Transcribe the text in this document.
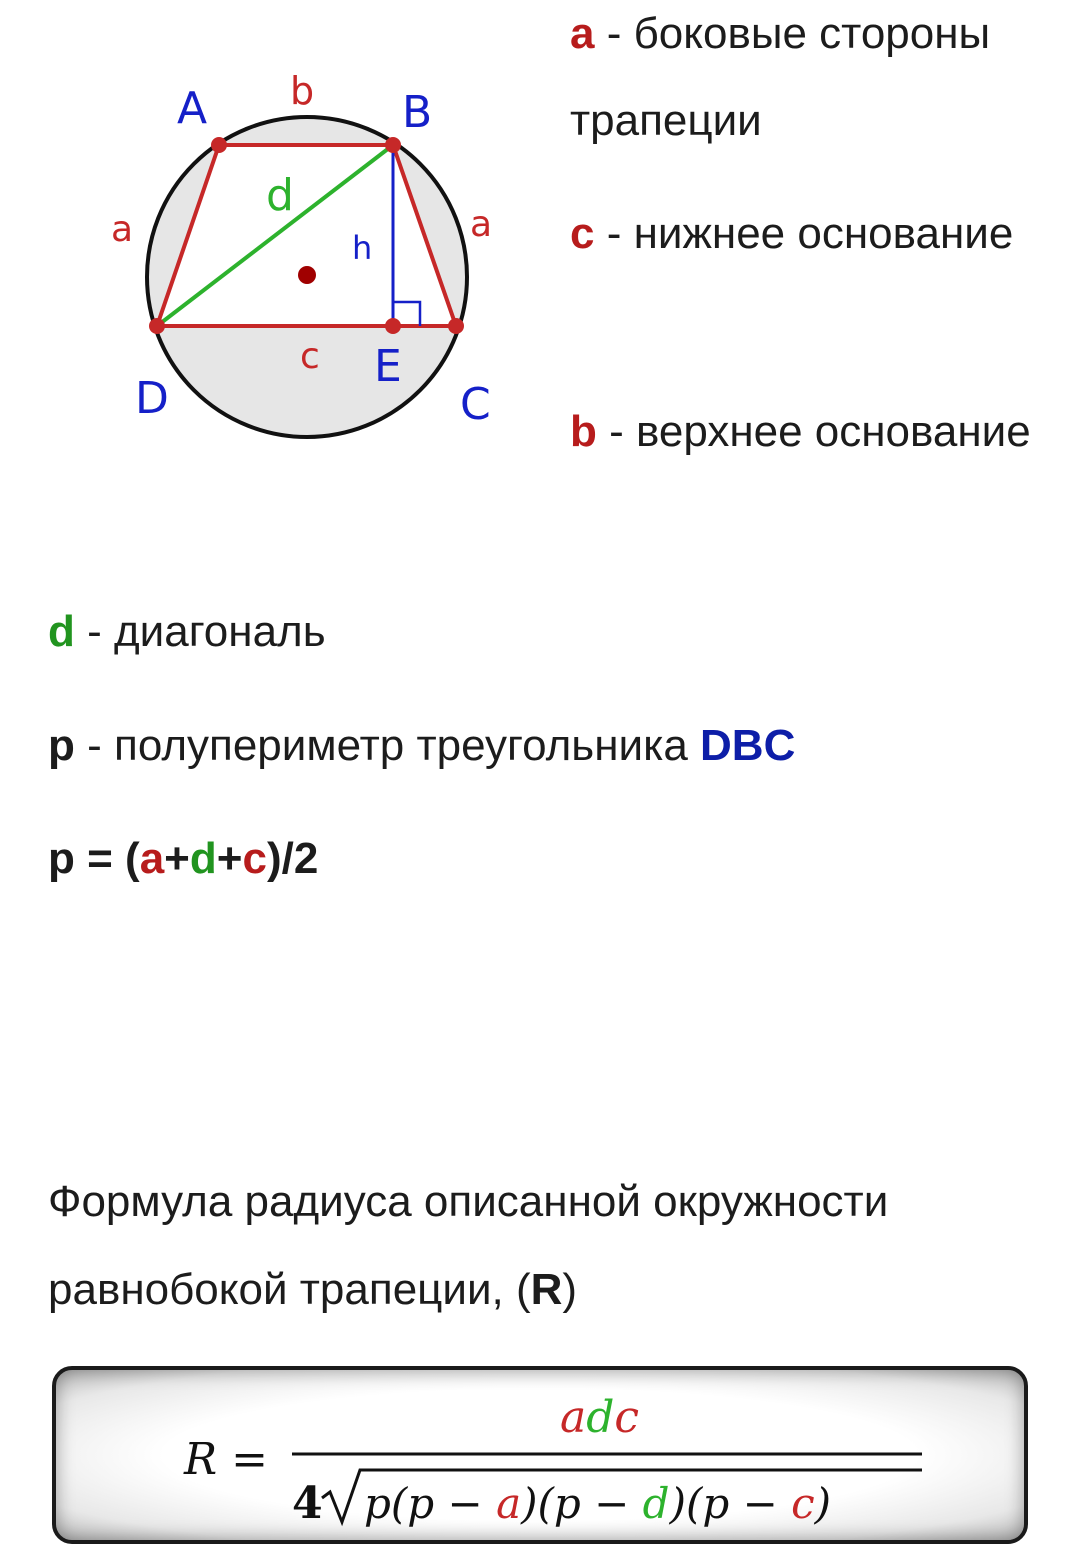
A	B
C
D
E
a	a
b
c
d
h
a - боковые стороны трапеции
c - нижнее основание
b - верхнее основание
d - диагональ
p - полупериметр треугольника DBC
p = (a+d+c)/2
Формула радиуса описанной окружности равнобокой трапеции, (R)
R =
adc
4 p(p − a)(p − d)(p − c)
